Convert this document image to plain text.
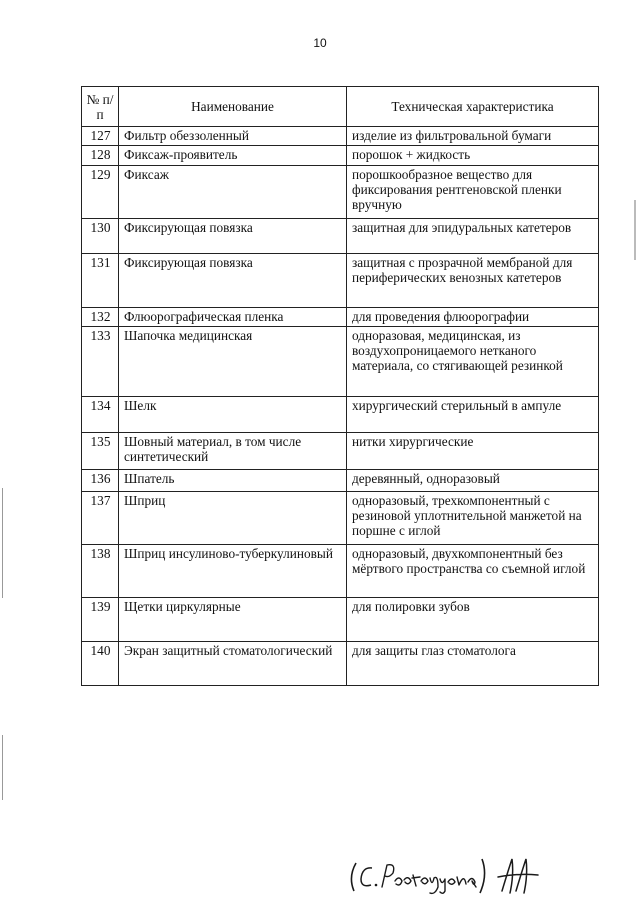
10
№ п/п	Наименование	Техническая характеристика
127	Фильтр обеззоленный	изделие из фильтровальной бумаги
128	Фиксаж-проявитель	порошок + жидкость
129	Фиксаж	порошкообразное вещество для фиксирования рентгеновской пленки вручную
130	Фиксирующая повязка	защитная для эпидуральных катетеров
131	Фиксирующая повязка	защитная с прозрачной мембраной для периферических венозных катетеров
132	Флюорографическая пленка	для проведения флюорографии
133	Шапочка медицинская	одноразовая, медицинская, из воздухопроницаемого нетканого материала, со стягивающей резинкой
134	Шелк	хирургический стерильный в ампуле
135	Шовный материал, в том числе синтетический	нитки хирургические
136	Шпатель	деревянный, одноразовый
137	Шприц	одноразовый, трехкомпонентный с резиновой уплотнительной манжетой на поршне с иглой
138	Шприц инсулиново-туберкулиновый	одноразовый, двухкомпонентный без мёртвого пространства со съемной иглой
139	Щетки циркулярные	для полировки зубов
140	Экран защитный стоматологический	для защиты глаз стоматолога
